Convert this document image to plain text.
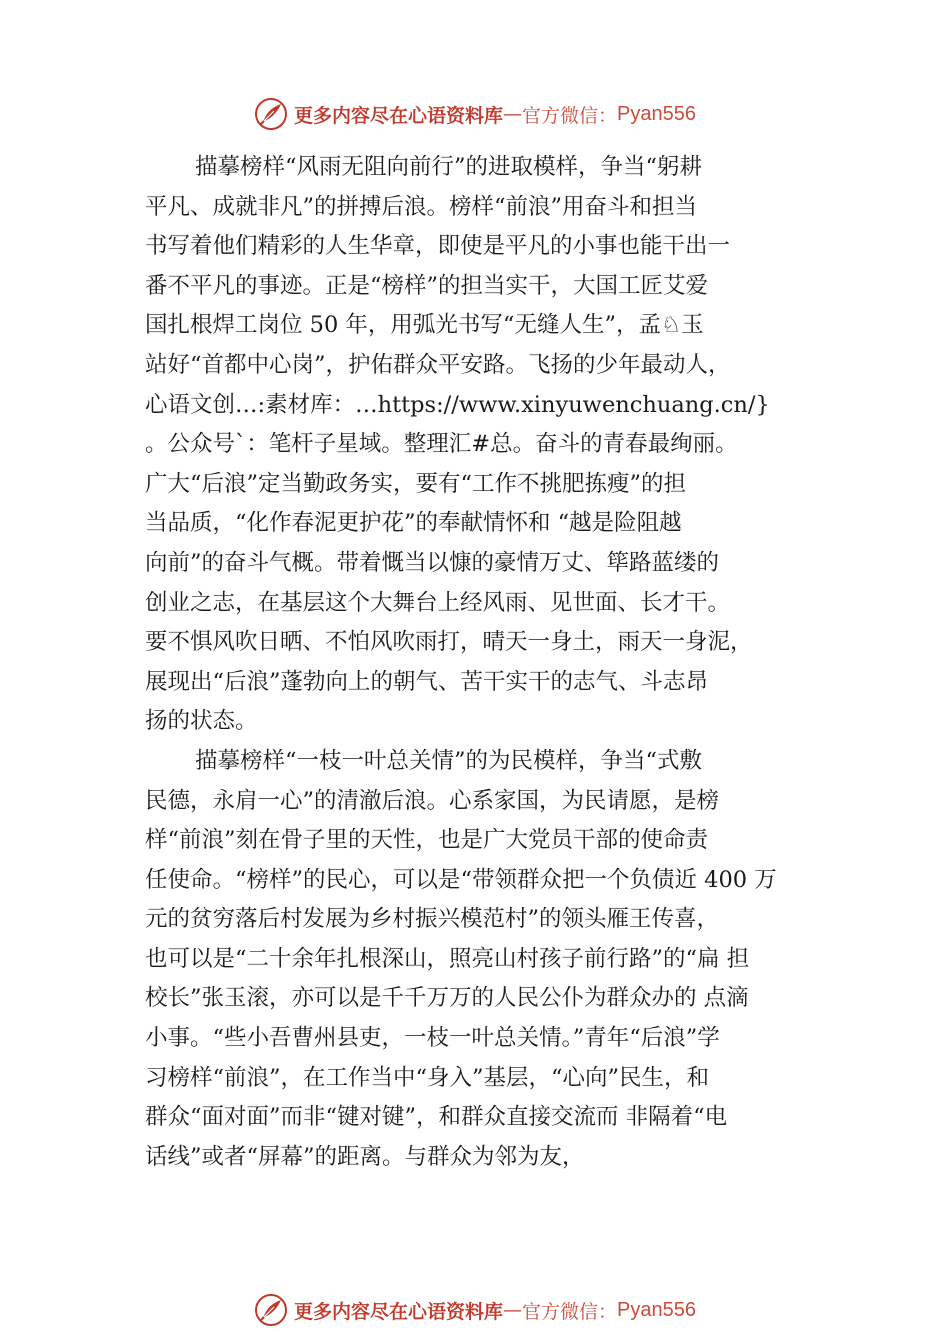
更多内容尽在心语资料库 — 官方微信： Pyan556
描摹榜样“风雨无阻向前行”的进取模样，争当“躬耕
平凡、成就非凡”的拼搏后浪。榜样“前浪”用奋斗和担当
书写着他们精彩的人生华章，即使是平凡的小事也能干出一
番不平凡的事迹。正是“榜样”的担当实干，大国工匠艾爱
国扎根焊工岗位 50 年，用弧光书写“无缝人生”，孟♘玉
站好“首都中心岗”，护佑群众平安路。飞扬的少年最动人，
心语文创…:素材库：…https://www.xinyuwenchuang.cn/}
。公众号`：笔杆子星域。整理汇#总。奋斗的青春最绚丽。
广大“后浪”定当勤政务实，要有“工作不挑肥拣瘦”的担
当品质，“化作春泥更护花”的奉献情怀和 “越是险阻越
向前”的奋斗气概。带着慨当以慷的豪情万丈、筚路蓝缕的
创业之志，在基层这个大舞台上经风雨、见世面、长才干。
要不惧风吹日晒、不怕风吹雨打，晴天一身土，雨天一身泥，
展现出“后浪”蓬勃向上的朝气、苦干实干的志气、斗志昂
扬的状态。
描摹榜样“一枝一叶总关情”的为民模样，争当“式敷
民德，永肩一心”的清澈后浪。心系家国，为民请愿，是榜
样“前浪”刻在骨子里的天性，也是广大党员干部的使命责
任使命。“榜样”的民心，可以是“带领群众把一个负债近 400 万
元的贫穷落后村发展为乡村振兴模范村”的领头雁王传喜，
也可以是“二十余年扎根深山，照亮山村孩子前行路”的“扁 担
校长”张玉滚，亦可以是千千万万的人民公仆为群众办的 点滴
小事。“些小吾曹州县吏，一枝一叶总关情。”青年“后浪”学
习榜样“前浪”，在工作当中“身入”基层，“心向”民生，和
群众“面对面”而非“键对键”，和群众直接交流而 非隔着“电
话线”或者“屏幕”的距离。与群众为邻为友，
更多内容尽在心语资料库 — 官方微信： Pyan556
